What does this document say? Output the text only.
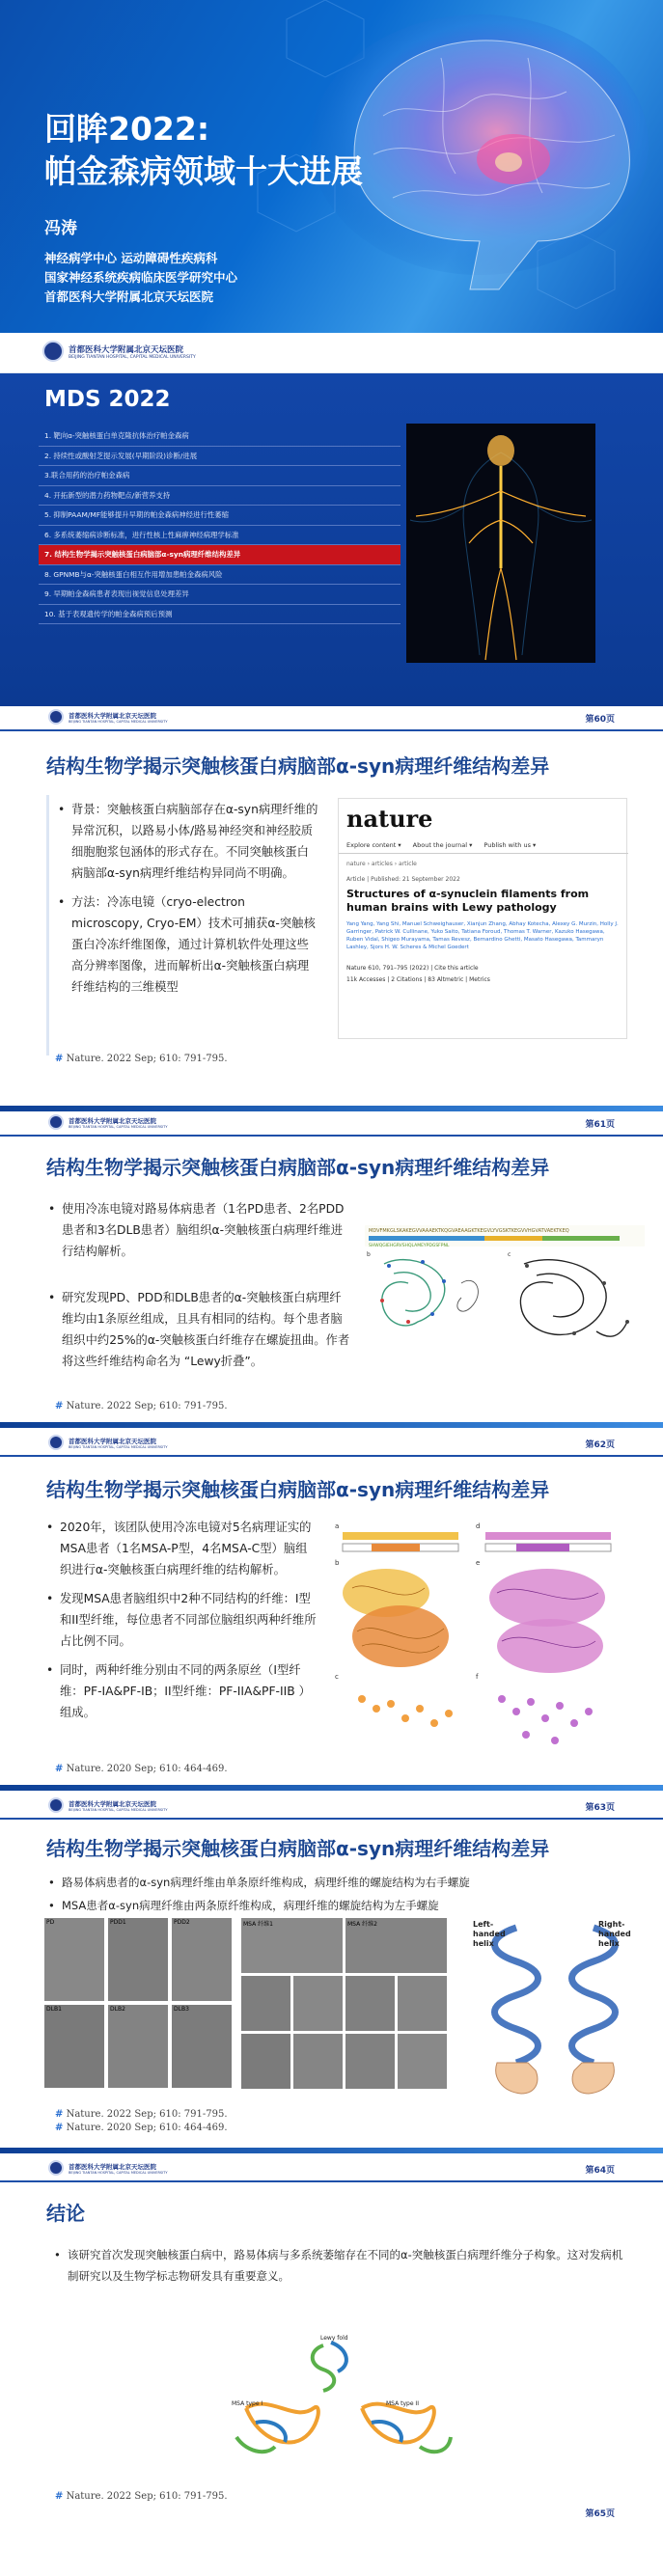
回眸2022:
帕金森病领域十大进展
冯涛
神经病学中心 运动障碍性疾病科
国家神经系统疾病临床医学研究中心
首都医科大学附属北京天坛医院
首都医科大学附属北京天坛医院
BEIJING TIANTAN HOSPITAL, CAPITAL MEDICAL UNIVERSITY
MDS 2022
1. 靶向ɑ-突触核蛋白单克隆抗体治疗帕金森病
2. 持续性或酸射芝提示发展(早期阶段)诊断/进展
3.联合用药的治疗帕金森病
4. 开拓新型的潜力药物靶点/新营养支持
5. 抑制PAAM/MF能够提升早期的帕金森病神经进行性萎缩
6. 多系统萎缩病诊断标准，进行性核上性麻痹神经病理学标准
7. 结构生物学揭示突触核蛋白病脑部α-syn病理纤维结构差异
8. GPNMB与α-突触核蛋白相互作用增加患帕金森病风险
9. 早期帕金森病患者表现出视觉信息处理差异
10. 基于表观遗传学的帕金森病预后预测
首都医科大学附属北京天坛医院
BEIJING TIANTAN HOSPITAL, CAPITAL MEDICAL UNIVERSITY	第60页
结构生物学揭示突触核蛋白病脑部α-syn病理纤维结构差异
• 背景：突触核蛋白病脑部存在α-syn病理纤维的异常沉积，以路易小体/路易神经突和神经胶质细胞胞浆包涵体的形式存在。不同突触核蛋白病脑部α-syn病理纤维结构异同尚不明确。
• 方法：冷冻电镜（cryo-electron microscopy, Cryo-EM）技术可捕获α-突触核蛋白冷冻纤维图像，通过计算机软件处理这些高分辨率图像，进而解析出α-突触核蛋白病理纤维结构的三维模型
nature
Explore content ▾ About the journal ▾ Publish with us ▾
nature › articles › article
Article | Published: 21 September 2022
Structures of α-synuclein filaments from human brains with Lewy pathology
Yang Yang, Yang Shi, Manuel Schweighauser, Xianjun Zhang, Abhay Kotecha, Alexey G. Murzin, Holly J. Garringer, Patrick W. Cullinane, Yuko Saito, Tatiana Foroud, Thomas T. Warner, Kazuko Hasegawa, Ruben Vidal, Shigeo Murayama, Tamas Revesz, Bernardino Ghetti, Masato Hasegawa, Tammaryn Lashley, Sjors H. W. Scheres & Michel Goedert
Nature 610, 791–795 (2022) | Cite this article
11k Accesses | 2 Citations | 83 Altmetric | Metrics
# Nature. 2022 Sep; 610: 791-795.
首都医科大学附属北京天坛医院
BEIJING TIANTAN HOSPITAL, CAPITAL MEDICAL UNIVERSITY	第61页
结构生物学揭示突触核蛋白病脑部α-syn病理纤维结构差异
• 使用冷冻电镜对路易体病患者（1名PD患者、2名PDD患者和3名DLB患者）脑组织α-突触核蛋白病理纤维进行结构解析。
• 研究发现PD、PDD和DLB患者的α-突触核蛋白病理纤维均由1条原丝组成，且具有相同的结构。每个患者脑组织中约25%的α-突触核蛋白纤维存在螺旋扭曲。作者将这些纤维结构命名为 “Lewy折叠”。
MDVFMKGLSKAKEGVVAAAEKTKQGVAEAAGKTKEGVLYVGSKTKEGVVHGVATVAEKTKEQ
SHWQGIEHGRVSHQLAMEYPDGSFPNL
b	c
# Nature. 2022 Sep; 610: 791-795.
首都医科大学附属北京天坛医院
BEIJING TIANTAN HOSPITAL, CAPITAL MEDICAL UNIVERSITY	第62页
结构生物学揭示突触核蛋白病脑部α-syn病理纤维结构差异
• 2020年，该团队使用冷冻电镜对5名病理证实的MSA患者（1名MSA-P型，4名MSA-C型）脑组织进行α-突触核蛋白病理纤维的结构解析。
• 发现MSA患者脑组织中2种不同结构的纤维：I型和II型纤维，每位患者不同部位脑组织两种纤维所占比例不同。
• 同时，两种纤维分别由不同的两条原丝（I型纤维：PF-IA&PF-IB；II型纤维：PF-IIA&PF-IIB ）组成。
a	d
b	e
c	f
# Nature. 2020 Sep; 610: 464-469.
首都医科大学附属北京天坛医院
BEIJING TIANTAN HOSPITAL, CAPITAL MEDICAL UNIVERSITY	第63页
结构生物学揭示突触核蛋白病脑部α-syn病理纤维结构差异
• 路易体病患者的α-syn病理纤维由单条原纤维构成，病理纤维的螺旋结构为右手螺旋
• MSA患者α-syn病理纤维由两条原纤维构成，病理纤维的螺旋结构为左手螺旋
PD	PDD1	PDD2
DLB1	DLB2	DLB3
MSA 纤维1	MSA 纤维2	Left-handed helix
Right-handed helix
# Nature. 2022 Sep; 610: 791-795.
# Nature. 2020 Sep; 610: 464-469.
首都医科大学附属北京天坛医院
BEIJING TIANTAN HOSPITAL, CAPITAL MEDICAL UNIVERSITY	第64页
结论
• 该研究首次发现突触核蛋白病中，路易体病与多系统萎缩存在不同的α-突触核蛋白病理纤维分子构象。这对发病机制研究以及生物学标志物研发具有重要意义。
Lewy fold
MSA type I	MSA type II
# Nature. 2022 Sep; 610: 791-795.
第65页
